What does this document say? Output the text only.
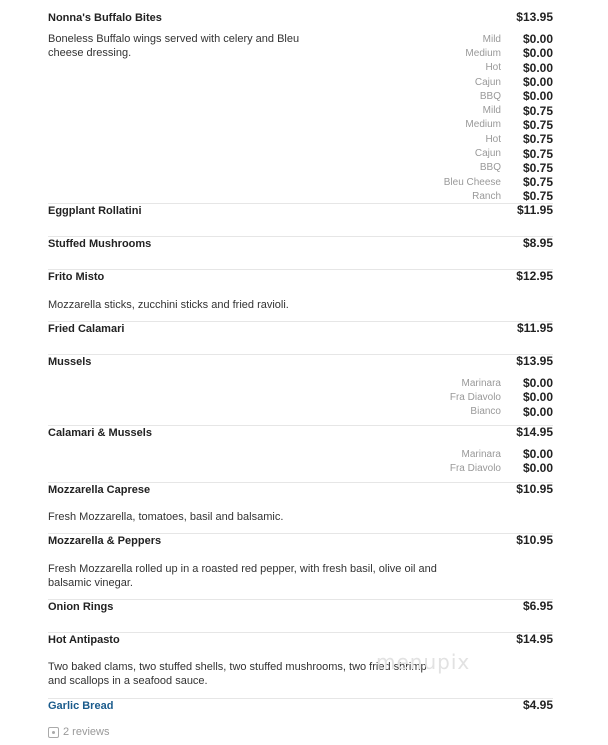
Nonna's Buffalo Bites	$13.95
Boneless Buffalo wings served with celery and Bleu cheese dressing.
Mild $0.00
Medium $0.00
Hot $0.00
Cajun $0.00
BBQ $0.00
Mild $0.75
Medium $0.75
Hot $0.75
Cajun $0.75
BBQ $0.75
Bleu Cheese $0.75
Ranch $0.75
Eggplant Rollatini	$11.95
Stuffed Mushrooms	$8.95
Frito Misto	$12.95
Mozzarella sticks, zucchini sticks and fried ravioli.
Fried Calamari	$11.95
Mussels	$13.95
Marinara $0.00
Fra Diavolo $0.00
Bianco $0.00
Calamari & Mussels	$14.95
Marinara $0.00
Fra Diavolo $0.00
Mozzarella Caprese	$10.95
Fresh Mozzarella, tomatoes, basil and balsamic.
Mozzarella & Peppers	$10.95
Fresh Mozzarella rolled up in a roasted red pepper, with fresh basil, olive oil and balsamic vinegar.
Onion Rings	$6.95
Hot Antipasto	$14.95
Two baked clams, two stuffed shells, two stuffed mushrooms, two fried shrimp and scallops in a seafood sauce.
Garlic Bread	$4.95
2 reviews
menupix
